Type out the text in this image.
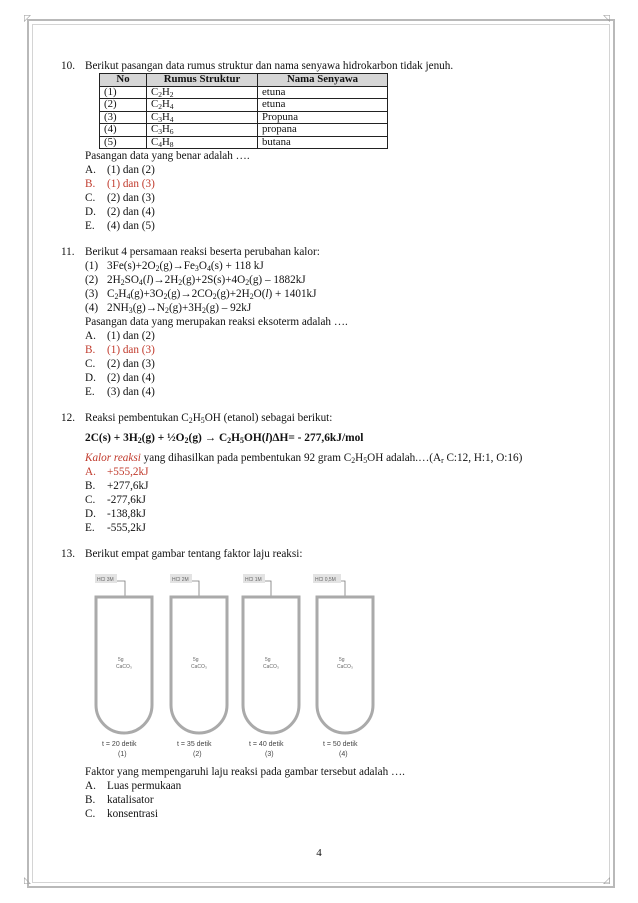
◸	◹
◺	◿
10. Berikut pasangan data rumus struktur dan nama senyawa hidrokarbon tidak jenuh.
No	Rumus Struktur	Nama Senyawa
(1)	$C_2H_2$	etuna
(2)	$C_2H_4$	etuna
(3)	$C_3H_4$	Propuna
(4)	$C_3H_6$	propana
(5)	$C_4H_8$	butana
Pasangan data yang benar adalah ….
A. (1) dan (2)
B.	(1) dan (3)
C.	(2) dan (3)
D. (2) dan (4)
E.	(4) dan (5)
11. Berikut 4 persamaan reaksi beserta perubahan kalor:
(1) $3Fe(s)+2O_2(g)\to Fe_3O_4(s) + 118$ kJ
(2) $2H_2SO_4(l)\to 2H_2(g)+2S(s)+4O_2(g) - 1882kJ$
(3) $C_2H_4(g)+3O_2(g)\to 2CO_2(g)+2H_2O(l) + 1401kJ$
(4) $2NH_3(g)\to N_2(g)+3H_2(g) - 92kJ$
Pasangan data yang merupakan reaksi eksoterm adalah ….
A. (1) dan (2)
B.	(1) dan (3)
C.	(2) dan (3)
D. (2) dan (4)
E.	(3) dan (4)
12. Reaksi pembentukan $C_2H_5OH$ (etanol) sebagai berikut:
$2C(s) + 3H_2(g)$ + $\frac{1}{2}O_2(g) \to C_2H_5OH(l)\Delta H= - 277,6kJ/mol$
Kalor reaksi yang dihasilkan pada pembentukan 92 gram $C_2H_5OH$ $adalah.\dots(A_r$ C:12, H:1, O:16)
A. +555,2kJ
B.	+277,6kJ
C.	-277,6kJ
D. -138,8kJ
E.	-555,2kJ
13. Berikut empat gambar tentang faktor laju reaksi:
HCl 3M
5g
CaCO₃
t = 20 detik
(1)
HCl 2M
5g
CaCO₃
t = 35 detik
(2)
HCl 1M
5g
CaCO₃
t = 40 detik
(3)
HCl 0,5M
5g
CaCO₃
t = 50 detik
(4)
Faktor yang mempengaruhi laju reaksi pada gambar tersebut adalah ….
A. Luas permukaan
B.	katalisator
C.	konsentrasi
4
